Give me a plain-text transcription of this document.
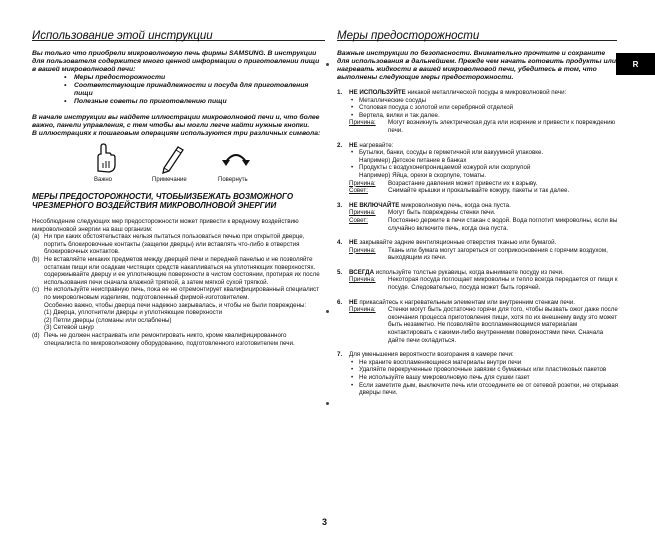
Использование этой инструкции	Меры предосторожности
R

Вы только что приобрели микроволновую печь фирмы SAMSUNG. В инструкции для пользователя содержится много ценной информации о приготовлении пищи в вашей микроволновой печи:

• Меры предосторожности
• Соответствующие принадлежности и посуда для приготовления пищи
• Полезные советы по приготовлению пищи

В начале инструкции вы найдете иллюстрации микроволновой печи и, что более важно, панели управления, с тем чтобы вы могли легче найти нужные кнопки.

В иллюстрациях к пошаговым операциям используются три различных символа:

Важно	Примечание	Повернуть

МЕРЫ ПРЕДОСТОРОЖНОСТИ, ЧТОБЫИЗБЕЖАТЬ ВОЗМОЖНОГО ЧРЕЗМЕРНОГО ВОЗДЕЙСТВИЯ МИКРОВОЛНОВОЙ ЭНЕРГИИ

Несоблюдение следующих мер предосторожности может привести к вредному воздействию микроволновой энергии на ваш организм:

(a) Ни при каких обстоятельствах нельзя пытаться пользоваться печью при открытой дверце, портить блокировочные контакты (защелки дверцы) или вставлять что-либо в отверстия блокировочных контактов.
(b) Не вставляйте никаких предметов между дверцей печи и передней панелью и не позволяйте остаткам пищи или осадкам чистящих средств накапливаться на уплотняющих поверхностях. содержиывайте дверцу и ее уплотняющие поверхности в чистом состоянии, протирая их после использования печи сначала влажной тряпкой, а затем мягкой сухой тряпкой.
(c) Не используйте неисправную печь, пока ее не отремонтирует квалифицированный специалист по микроволновым изделиям, подготовленный фирмой-изготовителем.
Особенно важно, чтобы дверца печи надежно закрывалась, и чтобы не были повреждены:
(1) Дверца, уплотнители дверцы и уплотняющие поверхности
(2) Петли дверцы (сломаны или ослаблены)
(3) Сетевой шнур
(d) Печь не должен настраивать или ремонтировать никто, кроме квалифицированного специалиста по микроволновому оборудованию, подготовленного изготовителем печи.

Важные инструкции по безопасности. Внимательно прочтите и сохраните для использования в дальнейшем. Прежде чем начать готовить продукты или нагревать жидкости в вашей микроволновой печи, убедитесь в том, что выполнены следующие меры предосторожности.

1.	НЕ ИСПОЛЬЗУЙТЕ никакой металлической посуды в микроволновой печи:
• Металлические сосуды
• Столовая посуда с золотой или серебряной отделкой
• Вертела, вилки и так далее.
Причина:	Могут возникнуть электрическая дуга или искрение и привести к повреждению печи.
2.	НЕ нагревайте:
• Бутылки, банки, сосуды в герметичной или вакуумной упаковке.
Например) Детское питание в банках
• Продукты с воздухонепроницаемой кожурой или скорлупой
Например) Яйца, орехи в скорлупе, томаты.
Причина:	Возрастание давления может привести их к взрыву.
Совет:	Снимайте крышки и прокалывайте кожуру, пакеты и так далее.
3.	НЕ ВКЛЮЧАЙТЕ микроволновую печь, когда она пуста.
Причина:	Могут быть повреждены стенки печи.
Совет:	Постоянно держите в печи стакан с водой. Вода поглотит микроволны, если вы случайно включите печь, когда она пуста.
4.	НЕ закрывайте задние вентиляционные отверстия тканью или бумагой.
Причина:	Ткань или бумага могут загореться от соприкосновения с горячим воздухом, выходящим из печи.
5.	ВСЕГДА используйте толстые рукавицы, когда вынимаете посуду из печи.
Причина:	Некоторая посуда поглощает микроволны и тепло всегда передается от пищи к посуде. Следовательно, посуда может быть горячей.
6.	НЕ прикасайтесь к нагревательным элементам или внутренним стенкам печи.
Причина:	Стенки могут быть достаточно горячи для того, чтобы вызвать ожог даже после окончания процесса приготовления пищи, хотя по их внешнему виду это может быть незаметно. Не позволяйте воспламеняющимся материалам контактировать с какими-либо внутренними поверхностями печи. Сначала дайте печи охладиться.
7.	Для уменьшения вероятности возгорания в камере печи:
• Не храните воспламеняющиеся материалы внутри печи
• Удаляйте перекрученные проволочные завязки с бумажных или пластиковых пакетов
• Не используйте вашу микроволновую печь для сушки газет
• Если заметите дым, выключите печь или отсоедините ее от сетевой розетки, не открывая дверцы печи.
3
